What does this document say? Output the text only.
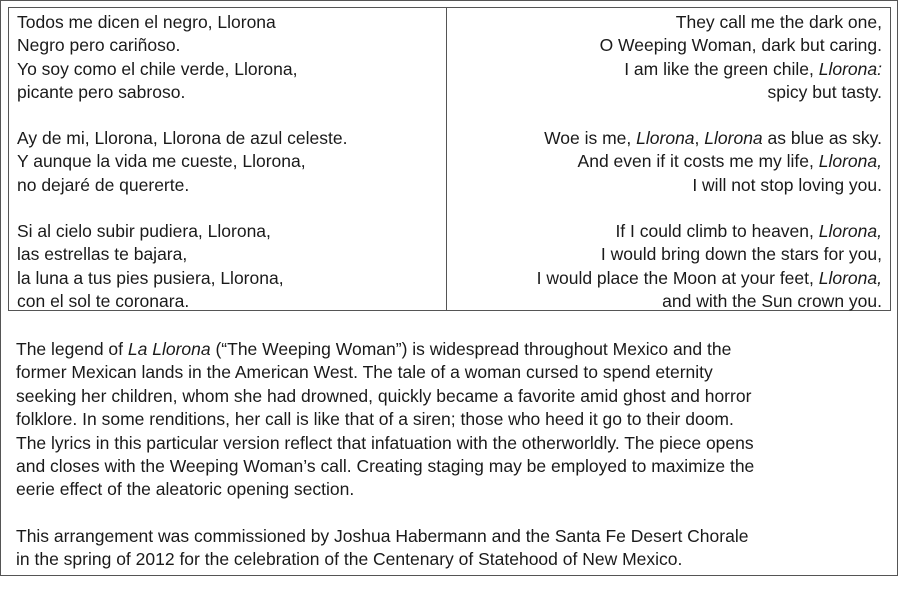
Todos me dicen el negro, Llorona
Negro pero cariñoso.
Yo soy como el chile verde, Llorona,
picante pero sabroso.
Ay de mi, Llorona, Llorona de azul celeste.
Y aunque la vida me cueste, Llorona,
no dejaré de quererte.
Si al cielo subir pudiera, Llorona,
las estrellas te bajara,
la luna a tus pies pusiera, Llorona,
con el sol te coronara.
They call me the dark one,
O Weeping Woman, dark but caring.
I am like the green chile, Llorona:
spicy but tasty.
Woe is me, Llorona, Llorona as blue as sky.
And even if it costs me my life, Llorona,
I will not stop loving you.
If I could climb to heaven, Llorona,
I would bring down the stars for you,
I would place the Moon at your feet, Llorona,
and with the Sun crown you.
The legend of La Llorona (“The Weeping Woman”) is widespread throughout Mexico and the
former Mexican lands in the American West. The tale of a woman cursed to spend eternity
seeking her children, whom she had drowned, quickly became a favorite amid ghost and horror
folklore. In some renditions, her call is like that of a siren; those who heed it go to their doom.
The lyrics in this particular version reflect that infatuation with the otherworldly. The piece opens
and closes with the Weeping Woman’s call. Creating staging may be employed to maximize the
eerie effect of the aleatoric opening section.
This arrangement was commissioned by Joshua Habermann and the Santa Fe Desert Chorale
in the spring of 2012 for the celebration of the Centenary of Statehood of New Mexico.
